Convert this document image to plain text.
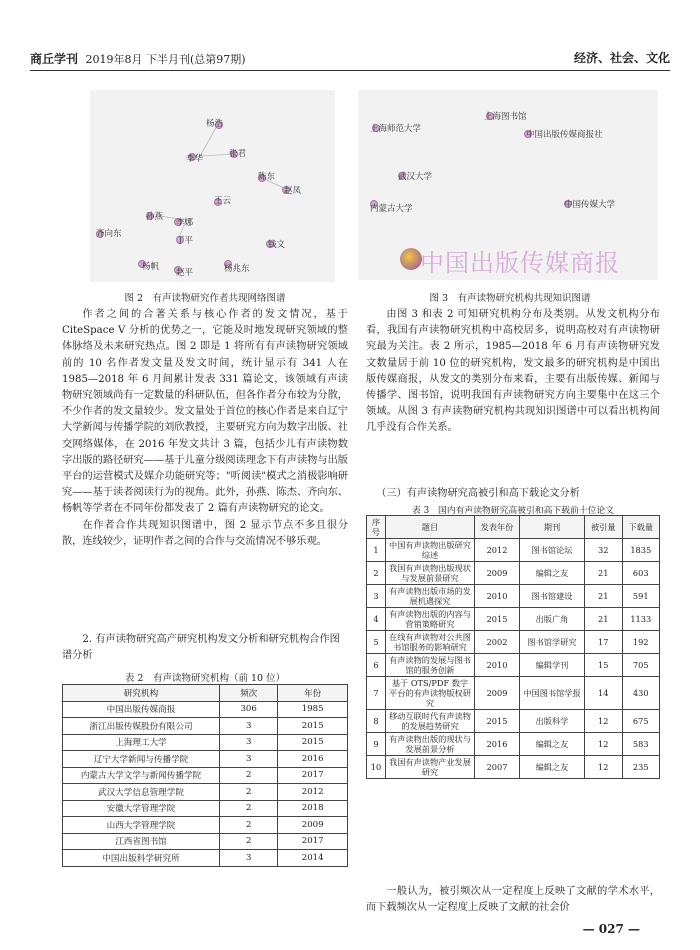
商丘学刊 2019年8月 下半月刊(总第97期)	经济、社会、文化
杨浩
李华	张君
陈东
王云
赵凤
孙燕
李娜
丁平	钱文
齐向东
杨帆
赵平	杨兆东
图 2　有声读物研究作者共现网络图谱
上海师范大学
上海图书馆
中国出版传媒商报社
武汉大学
内蒙古大学	中国传媒大学
中国出版传媒商报
图 3　有声读物研究机构共现知识图谱

作者之间的合著关系与核心作者的发文情况，基于 CiteSpace V 分析的优势之一，它能及时地发现研究领域的整体脉络及未来研究热点。图 2 即是 1 将所有有声读物研究领域前的 10 名作者发文量及发文时间，统计显示有 341 人在 1985—2018 年 6 月间累计发表 331 篇论文，该领域有声读物研究领域尚有一定数量的科研队伍，但各作者分布较为分散，不少作者的发文量较少。发文量处于首位的核心作者是来自辽宁大学新闻与传播学院的刘欣教授，主要研究方向为数字出版、社交网络媒体，在 2016 年发文共计 3 篇，包括少儿有声读物数字出版的路径研究——基于儿童分级阅读理念下有声读物与出版平台的运营模式及媒介功能研究等；"听阅读"模式之消极影响研究——基于读者阅读行为的视角。此外，孙燕、陈杰、齐向东、杨帆等学者在不同年份都发表了 2 篇有声读物研究的论文。

在作者合作共现知识图谱中，图 2 显示节点不多且很分散，连线较少，证明作者之间的合作与交流情况不够乐观。

2. 有声读物研究高产研究机构发文分析和研究机构合作图谱分析
表 2　有声读物研究机构（前 10 位）
研究机构	频次	年份
中国出版传媒商报	306	1985
浙江出版传媒股份有限公司	3	2015
上海理工大学	3	2015
辽宁大学新闻与传播学院	3	2016
内蒙古大学文学与新闻传播学院	2	2017
武汉大学信息管理学院	2	2012
安徽大学管理学院	2	2018
山西大学管理学院	2	2009
江西省图书馆	2	2017
中国出版科学研究所	3	2014

由图 3 和表 2 可知研究机构分布及类别。从发文机构分布看，我国有声读物研究机构中高校居多，说明高校对有声读物研究最为关注。表 2 所示，1985—2018 年 6 月有声读物研究发文数量居于前 10 位的研究机构，发文最多的研究机构是中国出版传媒商报，从发文的类别分布来看，主要有出版传媒、新闻与传播学、图书馆，说明我国有声读物研究方向主要集中在这三个领域。从图 3 有声读物研究机构共现知识图谱中可以看出机构间几乎没有合作关系。

（三）有声读物研究高被引和高下载论文分析
表 3　国内有声读物研究高被引和高下载前十位论文
序号	题目	发表年份	期刊	被引量	下载量
1	中国有声读物出版研究综述	2012	图书馆论坛	32	1835
2	我国有声读物出版现状与发展前景研究	2009	编辑之友	21	603
3	有声读物出版市场的发展机遇探究	2010	图书馆建设	21	591
4	有声读物出版的内容与营销策略研究	2015	出版广角	21	1133
5	在线有声读物对公共图书馆服务的影响研究	2002	图书馆学研究	17	192
6	有声读物的发展与图书馆的服务创新	2010	编辑学刊	15	705
7	基于 OTS/PDF 数字平台的有声读物版权研究	2009	中国图书馆学报	14	430
8	移动互联时代有声读物的发展趋势研究	2015	出版科学	12	675
9	有声读物出版的现状与发展前景分析	2016	编辑之友	12	583
10	我国有声读物产业发展研究	2007	编辑之友	12	235

一般认为，被引频次从一定程度上反映了文献的学术水平，而下载频次从一定程度上反映了文献的社会价

— 027 —
